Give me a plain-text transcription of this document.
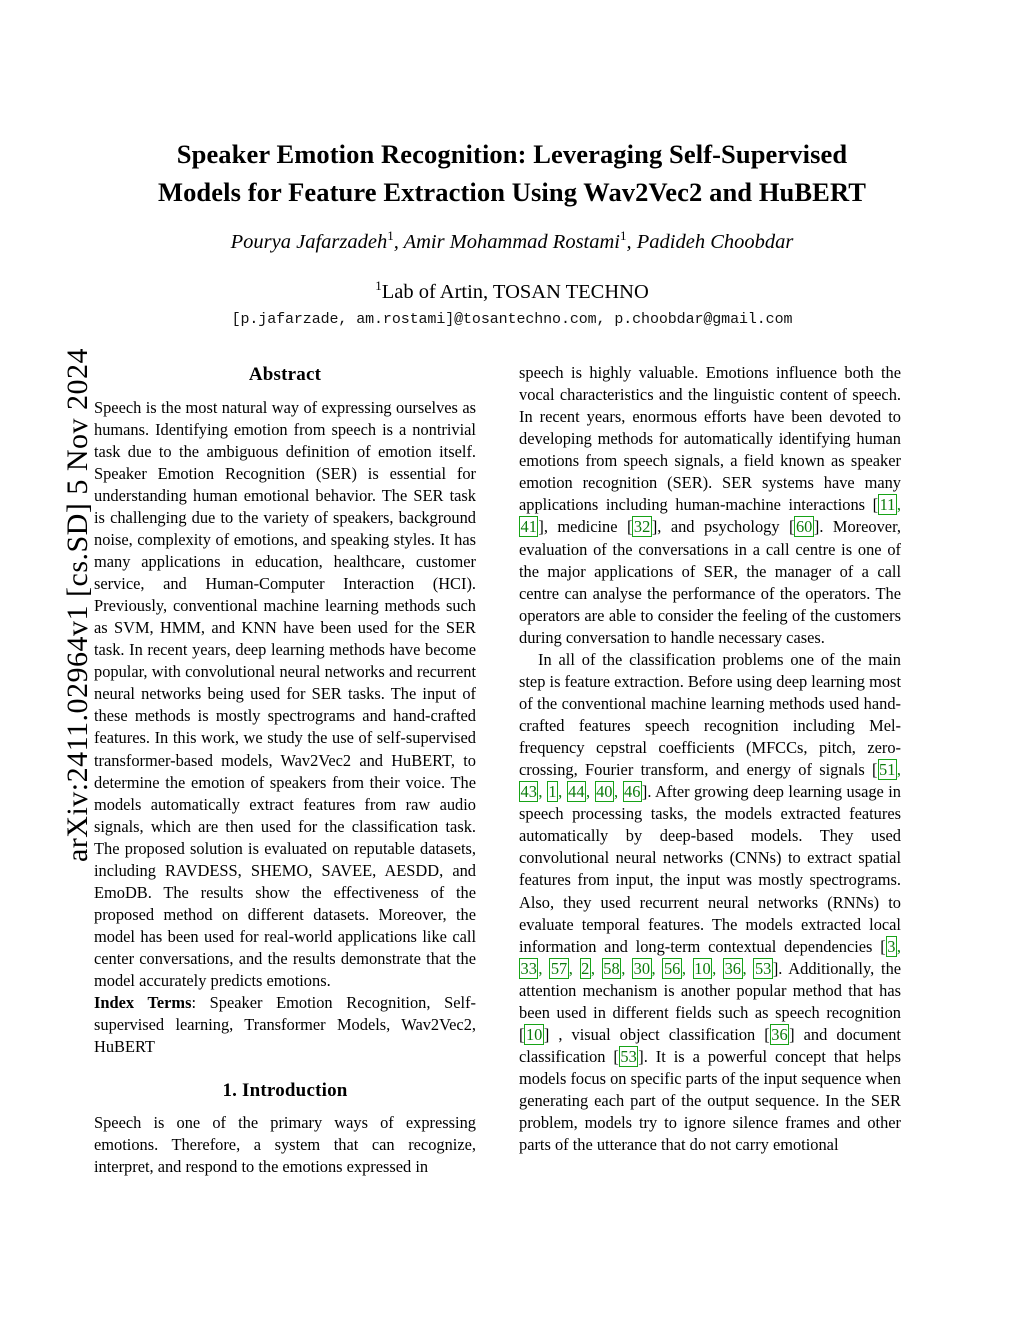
arXiv:2411.02964v1 [cs.SD] 5 Nov 2024
Speaker Emotion Recognition: Leveraging Self-Supervised
Models for Feature Extraction Using Wav2Vec2 and HuBERT
Pourya Jafarzadeh$^1$, Amir Mohammad Rostami$^1$, Padideh Choobdar
$^1$Lab of Artin, TOSAN TECHNO
[p.jafarzade, am.rostami]@tosantechno.com, p.choobdar@gmail.com
Abstract

Speech is the most natural way of expressing ourselves as humans. Identifying emotion from speech is a nontrivial task due to the ambiguous definition of emotion itself. Speaker Emotion Recognition (SER) is essential for understanding human emotional behavior. The SER task is challenging due to the variety of speakers, background noise, complexity of emotions, and speaking styles. It has many applications in education, healthcare, customer service, and Human-Computer Interaction (HCI). Previously, conventional machine learning methods such as SVM, HMM, and KNN have been used for the SER task. In recent years, deep learning methods have become popular, with convolutional neural networks and recurrent neural networks being used for SER tasks. The input of these methods is mostly spectrograms and hand-crafted features. In this work, we study the use of self-supervised transformer-based models, Wav2Vec2 and HuBERT, to determine the emotion of speakers from their voice. The models automatically extract features from raw audio signals, which are then used for the classification task. The proposed solution is evaluated on reputable datasets, including RAVDESS, SHEMO, SAVEE, AESDD, and EmoDB. The results show the effectiveness of the proposed method on different datasets. Moreover, the model has been used for real-world applications like call center conversations, and the results demonstrate that the model accurately predicts emotions.

Index Terms: Speaker Emotion Recognition, Self-supervised learning, Transformer Models, Wav2Vec2, HuBERT

1. Introduction

Speech is one of the primary ways of expressing emotions. Therefore, a system that can recognize, interpret, and respond to the emotions expressed in

speech is highly valuable. Emotions influence both the vocal characteristics and the linguistic content of speech. In recent years, enormous efforts have been devoted to developing methods for automatically identifying human emotions from speech signals, a field known as speaker emotion recognition (SER). SER systems have many applications including human-machine interactions [11, 41], medicine [32], and psychology [60]. Moreover, evaluation of the conversations in a call centre is one of the major applications of SER, the manager of a call centre can analyse the performance of the operators. The operators are able to consider the feeling of the customers during conversation to handle necessary cases.

In all of the classification problems one of the main step is feature extraction. Before using deep learning most of the conventional machine learning methods used hand-crafted features speech recognition including Mel-frequency cepstral coefficients (MFCCs, pitch, zero-crossing, Fourier transform, and energy of signals [51, 43, 1, 44, 40, 46]. After growing deep learning usage in speech processing tasks, the models extracted features automatically by deep-based models. They used convolutional neural networks (CNNs) to extract spatial features from input, the input was mostly spectrograms. Also, they used recurrent neural networks (RNNs) to evaluate temporal features. The models extracted local information and long-term contextual dependencies [3, 33, 57, 2, 58, 30, 56, 10, 36, 53]. Additionally, the attention mechanism is another popular method that has been used in different fields such as speech recognition [10] , visual object classification [36] and document classification [53]. It is a powerful concept that helps models focus on specific parts of the input sequence when generating each part of the output sequence. In the SER problem, models try to ignore silence frames and other parts of the utterance that do not carry emotional
